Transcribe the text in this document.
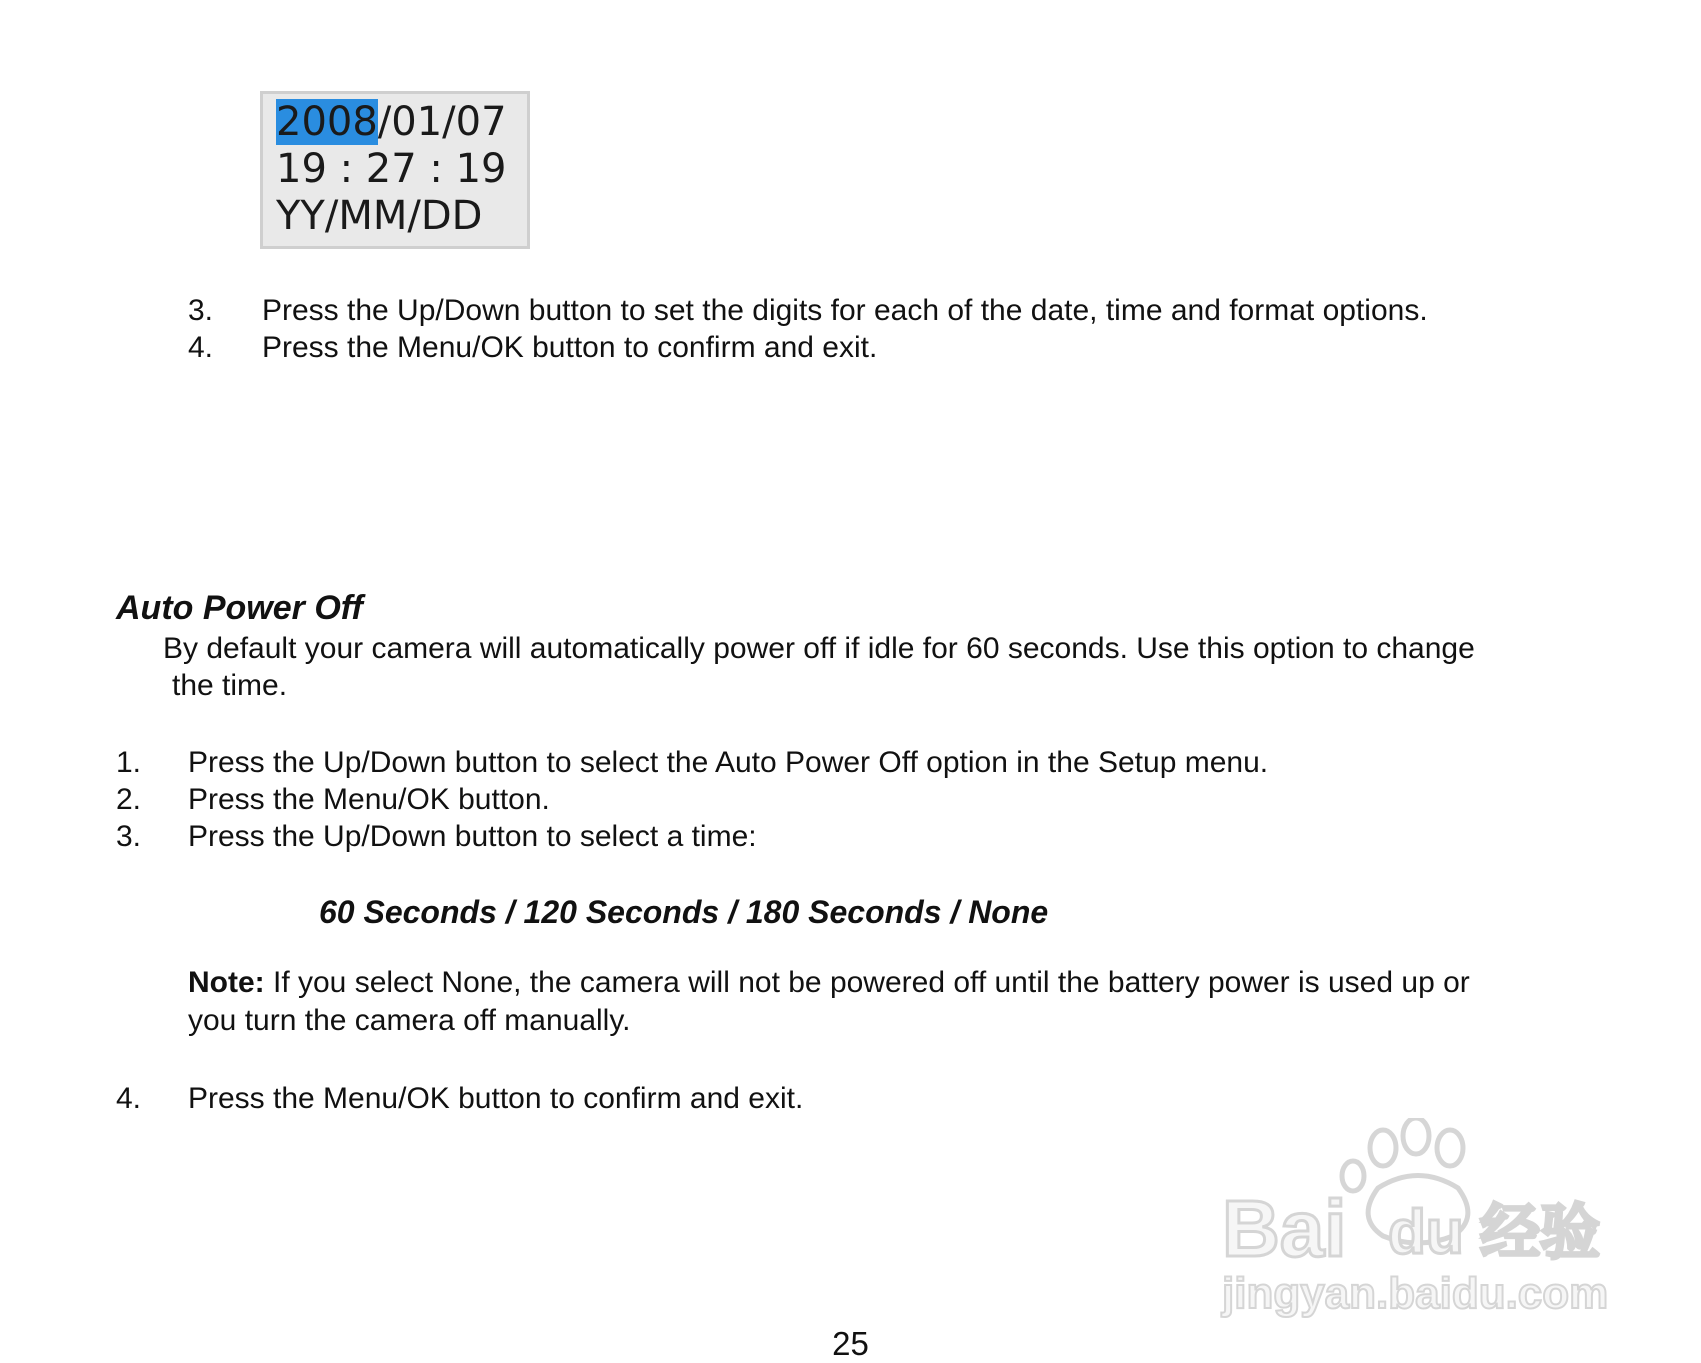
2008/01/07
19 : 27 : 19
YY/MM/DD
3. Press the Up/Down button to set the digits for each of the date, time and format options.
4. Press the Menu/OK button to confirm and exit.
Auto Power Off
By default your camera will automatically power off if idle for 60 seconds. Use this option to change
the time.
1. Press the Up/Down button to select the Auto Power Off option in the Setup menu.
2. Press the Menu/OK button.
3. Press the Up/Down button to select a time:
60 Seconds / 120 Seconds / 180 Seconds / None
Note: If you select None, the camera will not be powered off until the battery power is used up or
you turn the camera off manually.
4. Press the Menu/OK button to confirm and exit.
Bai du 经验
jingyan.baidu.com
25
